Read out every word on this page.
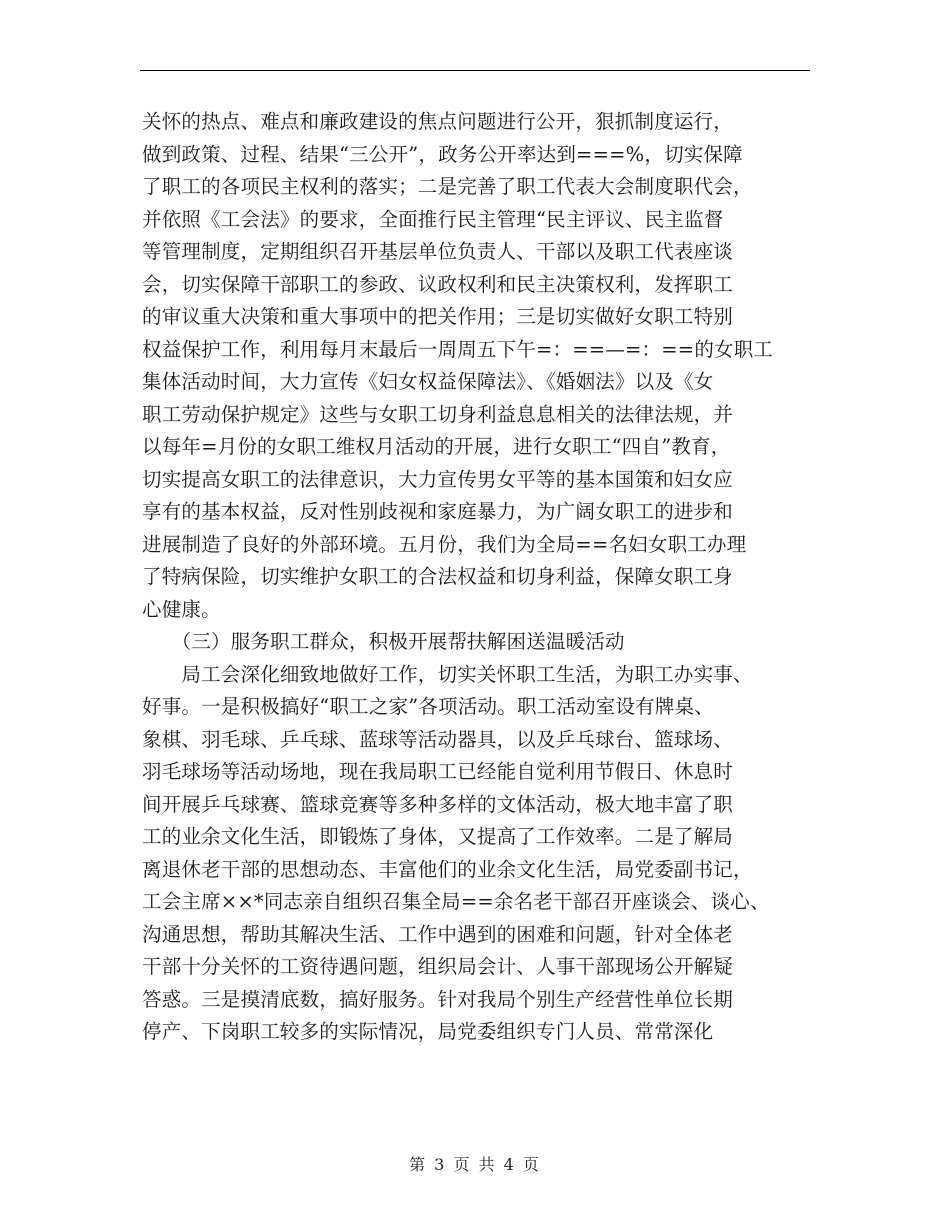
关怀的热点、难点和廉政建设的焦点问题进行公开，狠抓制度运行，
做到政策、过程、结果“三公开”，政务公开率达到===%，切实保障
了职工的各项民主权利的落实；二是完善了职工代表大会制度职代会，
并依照《工会法》的要求，全面推行民主管理“民主评议、民主监督
等管理制度，定期组织召开基层单位负责人、干部以及职工代表座谈
会，切实保障干部职工的参政、议政权利和民主决策权利，发挥职工
的审议重大决策和重大事项中的把关作用；三是切实做好女职工特别
权益保护工作，利用每月末最后一周周五下午=：==—=：==的女职工
集体活动时间，大力宣传《妇女权益保障法》、《婚姻法》以及《女
职工劳动保护规定》这些与女职工切身利益息息相关的法律法规，并
以每年=月份的女职工维权月活动的开展，进行女职工“四自”教育，
切实提高女职工的法律意识，大力宣传男女平等的基本国策和妇女应
享有的基本权益，反对性别歧视和家庭暴力，为广阔女职工的进步和
进展制造了良好的外部环境。五月份，我们为全局==名妇女职工办理
了特病保险，切实维护女职工的合法权益和切身利益，保障女职工身
心健康。
　　（三）服务职工群众，积极开展帮扶解困送温暖活动
　　局工会深化细致地做好工作，切实关怀职工生活，为职工办实事、
好事。一是积极搞好“职工之家”各项活动。职工活动室设有牌桌、
象棋、羽毛球、乒乓球、蓝球等活动器具，以及乒乓球台、篮球场、
羽毛球场等活动场地，现在我局职工已经能自觉利用节假日、休息时
间开展乒乓球赛、篮球竞赛等多种多样的文体活动，极大地丰富了职
工的业余文化生活，即锻炼了身体，又提高了工作效率。二是了解局
离退休老干部的思想动态、丰富他们的业余文化生活，局党委副书记，
工会主席××*同志亲自组织召集全局==余名老干部召开座谈会、谈心、
沟通思想，帮助其解决生活、工作中遇到的困难和问题，针对全体老
干部十分关怀的工资待遇问题，组织局会计、人事干部现场公开解疑
答惑。三是摸清底数，搞好服务。针对我局个别生产经营性单位长期
停产、下岗职工较多的实际情况，局党委组织专门人员、常常深化
第 3 页 共 4 页
